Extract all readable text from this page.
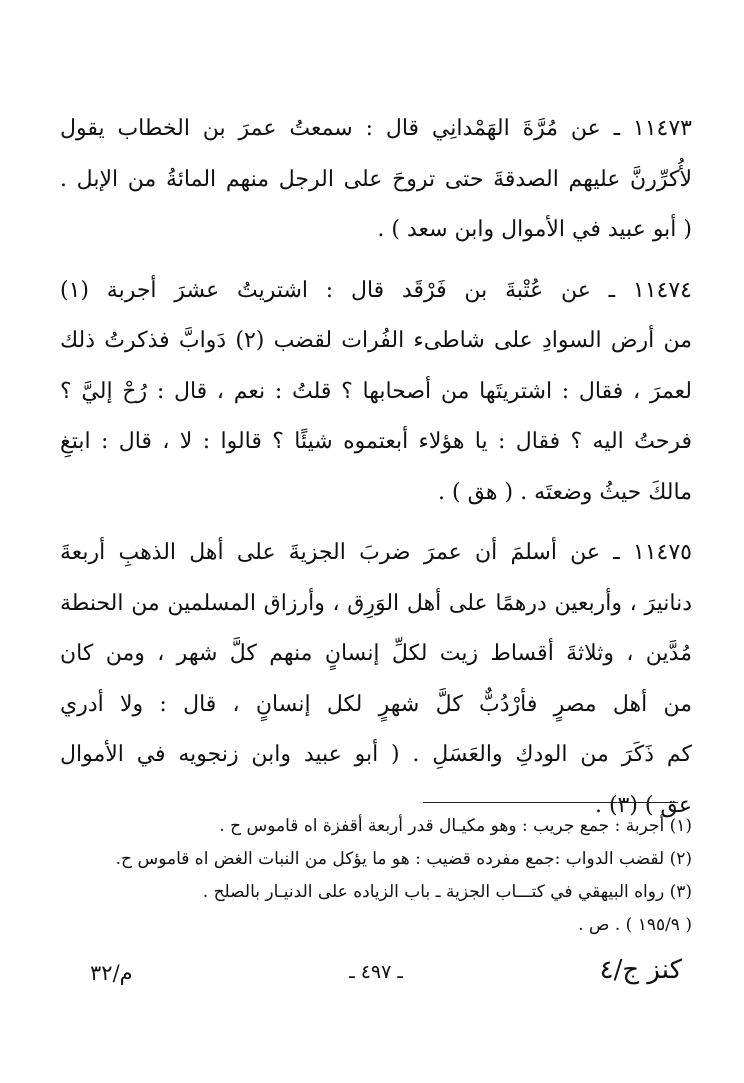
١١٤٧٣ ـ عن مُرَّةَ الهَمْدانِي قال : سمعتُ عمرَ بن الخطاب يقول
لأُكرِّرنَّ عليهم الصدقةَ حتى تروحَ على الرجل منهم المائةُ من الإبل .
( أبو عبيد في الأموال وابن سعد ) .

١١٤٧٤ ـ عن عُتْبةَ بن فَرْقَد قال : اشتريتُ عشرَ أجربة (١)
من أرض السوادِ على شاطىء الفُرات لقضب (٢) دَوابَّ فذكرتُ ذلك
لعمرَ ، فقال : اشتريتَها من أصحابها ؟ قلتُ : نعم ، قال : رُحْ إليَّ ؟
فرحتُ اليه ؟ فقال : يا هؤلاء أبعتموه شيئًا ؟ قالوا : لا ، قال : ابتغِ
مالكَ حيثُ وضعتَه . ( هق ) .

١١٤٧٥ ـ عن أسلمَ أن عمرَ ضربَ الجزيةَ على أهل الذهبِ أربعةَ
دنانيرَ ، وأربعين درهمًا على أهل الوَرِق ، وأرزاق المسلمين من الحنطة
مُدَّين ، وثلاثةَ أقساط زيت لكلِّ إنسانٍ منهم كلَّ شهر ، ومن كان
من أهل مصرٍ فأرْدُبٌّ كلَّ شهرٍ لكل إنسانٍ ، قال : ولا أدري
كم ذَكَرَ من الودكِ والعَسَلِ . ( أبو عبيد وابن زنجويه في الأموال
عق ) (٣) .

(١) أجربة : جمع جريب : وهو مكيـال قدر أربعة أقفزة اه قاموس ح .
(٢) لقضب الدواب :جمع مفرده قضيب : هو ما يؤكل من النبات الغض اه قاموس ح.
(٣) رواه البيهقي في كتـــاب الجزية ـ باب الزياده على الدنيـار بالصلح .
( ١٩٥/٩ ) . ص .
كنز ج/٤
ـ ٤٩٧ ـ
م/٣٢
